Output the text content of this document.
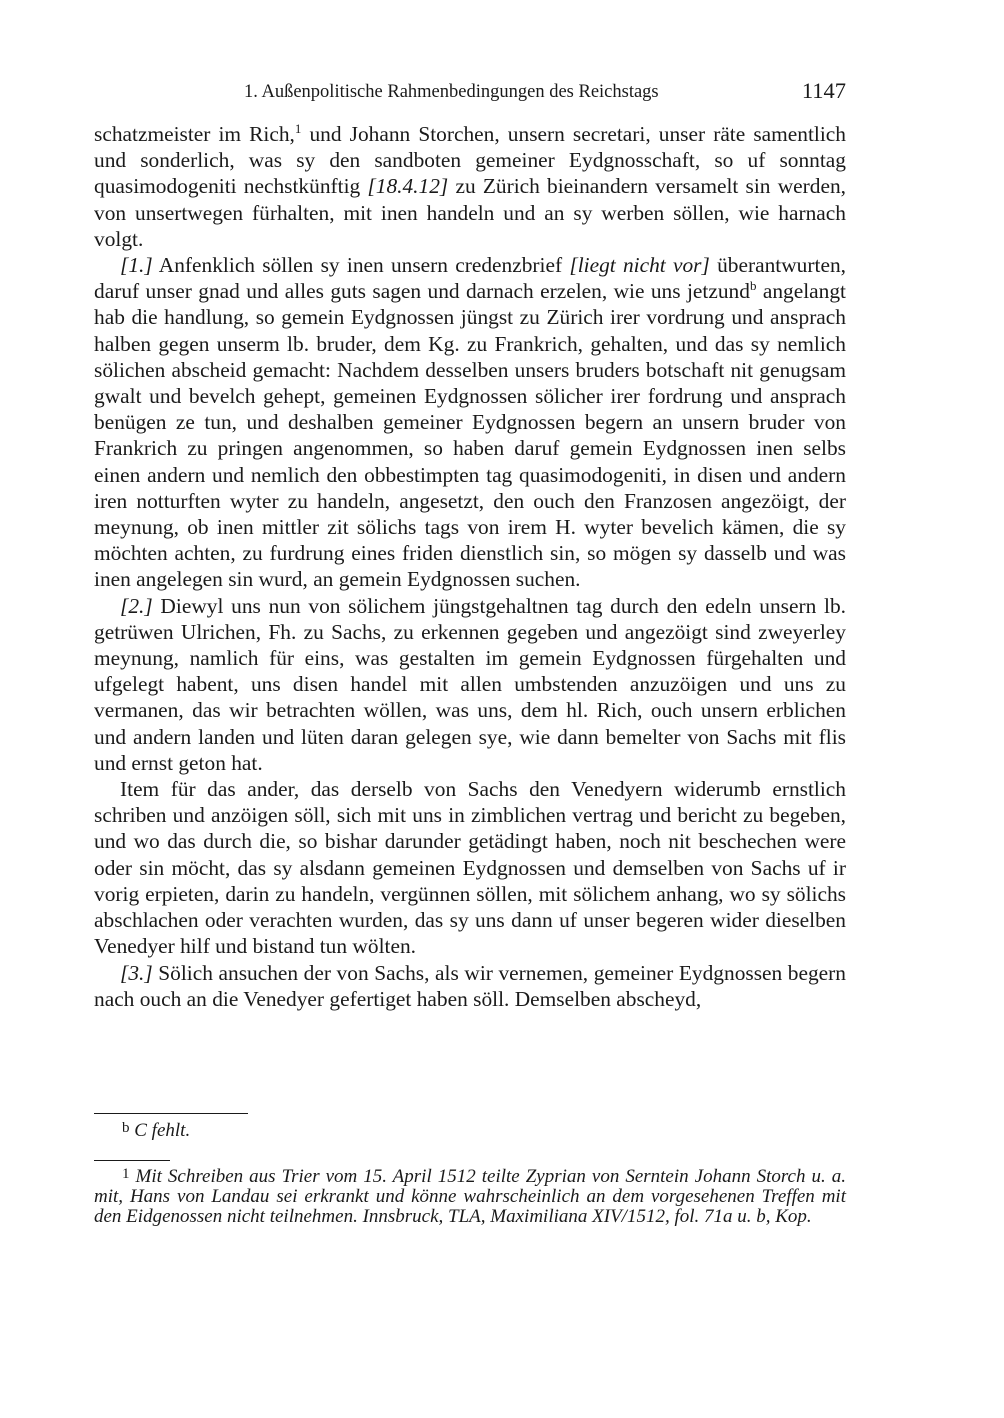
1. Außenpolitische Rahmenbedingungen des Reichstags	1147

schatzmeister im Rich,$^1$ und Johann Storchen, unsern secretari, unser räte samentlich und sonderlich, was sy den sandboten gemeiner Eydgnosschaft, so uf sonntag quasimodogeniti nechstkünftig [18.4.12] zu Zürich bieinandern versamelt sin werden, von unsertwegen fürhalten, mit inen handeln und an sy werben söllen, wie harnach volgt.

[1.] Anfenklich söllen sy inen unsern credenzbrief [liegt nicht vor] überantwurten, daruf unser gnad und alles guts sagen und darnach erzelen, wie uns jetzund$^b$ angelangt hab die handlung, so gemein Eydgnossen jüngst zu Zürich irer vordrung und ansprach halben gegen unserm lb. bruder, dem Kg. zu Frankrich, gehalten, und das sy nemlich sölichen abscheid gemacht: Nachdem desselben unsers bruders botschaft nit genugsam gwalt und bevelch gehept, gemeinen Eydgnossen sölicher irer fordrung und ansprach benügen ze tun, und deshalben gemeiner Eydgnossen begern an unsern bruder von Frankrich zu pringen angenommen, so haben daruf gemein Eydgnossen inen selbs einen andern und nemlich den obbestimpten tag quasimodogeniti, in disen und andern iren notturften wyter zu handeln, angesetzt, den ouch den Franzosen angezöigt, der meynung, ob inen mittler zit sölichs tags von irem H. wyter bevelich kämen, die sy möchten achten, zu furdrung eines friden dienstlich sin, so mögen sy dasselb und was inen angelegen sin wurd, an gemein Eydgnossen suchen.

[2.] Diewyl uns nun von sölichem jüngstgehaltnen tag durch den edeln unsern lb. getrüwen Ulrichen, Fh. zu Sachs, zu erkennen gegeben und angezöigt sind zweyerley meynung, namlich für eins, was gestalten im gemein Eydgnossen fürgehalten und ufgelegt habent, uns disen handel mit allen umbstenden anzuzöigen und uns zu vermanen, das wir betrachten wöllen, was uns, dem hl. Rich, ouch unsern erblichen und andern landen und lüten daran gelegen sye, wie dann bemelter von Sachs mit flis und ernst geton hat.

Item für das ander, das derselb von Sachs den Venedyern widerumb ernstlich schriben und anzöigen söll, sich mit uns in zimblichen vertrag und bericht zu begeben, und wo das durch die, so bishar darunder getädingt haben, noch nit beschechen were oder sin möcht, das sy alsdann gemeinen Eydgnossen und demselben von Sachs uf ir vorig erpieten, darin zu handeln, vergünnen söllen, mit sölichem anhang, wo sy sölichs abschlachen oder verachten wurden, das sy uns dann uf unser begeren wider dieselben Venedyer hilf und bistand tun wölten.

[3.] Sölich ansuchen der von Sachs, als wir vernemen, gemeiner Eydgnossen begern nach ouch an die Venedyer gefertiget haben söll. Demselben abscheyd,

$^b$ C fehlt.
$^1$ Mit Schreiben aus Trier vom 15. April 1512 teilte Zyprian von Serntein Johann Storch u. a. mit, Hans von Landau sei erkrankt und könne wahrscheinlich an dem vorgesehenen Treffen mit den Eidgenossen nicht teilnehmen. Innsbruck, TLA, Maximiliana XIV/1512, fol. 71a u. b, Kop.
